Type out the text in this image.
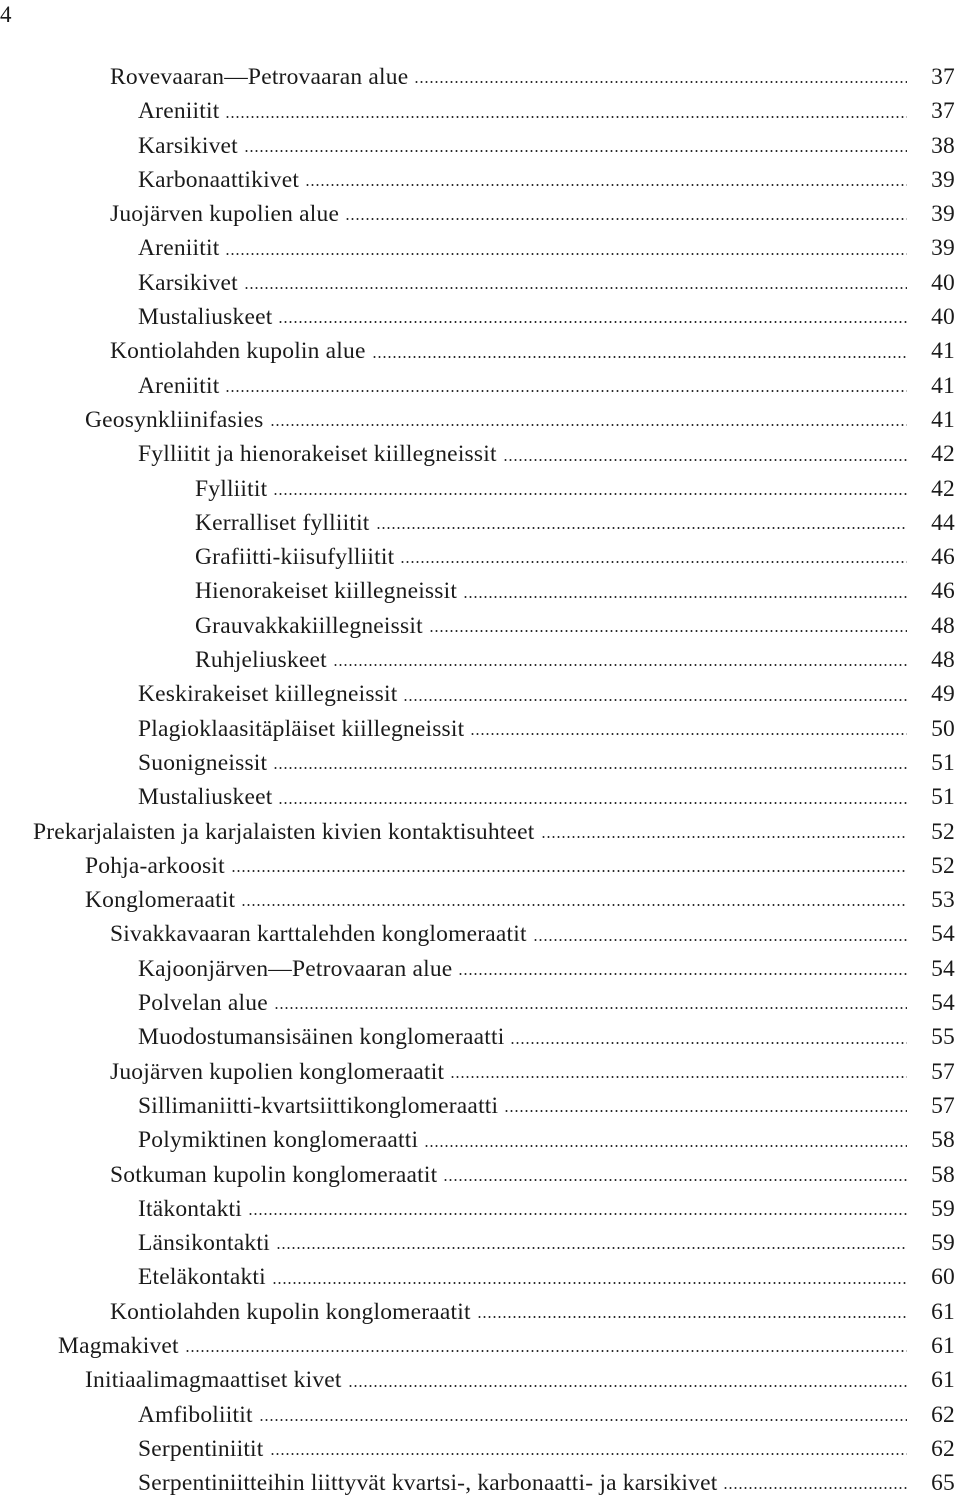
4
Rovevaaran—Petrovaaran alue	37
Areniitit	37
Karsikivet	38
Karbonaattikivet	39
Juojärven kupolien alue	39
Areniitit	39
Karsikivet	40
Mustaliuskeet	40
Kontiolahden kupolin alue	41
Areniitit	41
Geosynkliinifasies	41
Fylliitit ja hienorakeiset kiillegneissit	42
Fylliitit	42
Kerralliset fylliitit	44
Grafiitti-kiisufylliitit	46
Hienorakeiset kiillegneissit	46
Grauvakkakiillegneissit	48
Ruhjeliuskeet	48
Keskirakeiset kiillegneissit	49
Plagioklaasitäpläiset kiillegneissit	50
Suonigneissit	51
Mustaliuskeet	51
Prekarjalaisten ja karjalaisten kivien kontaktisuhteet	52
Pohja-arkoosit	52
Konglomeraatit	53
Sivakkavaaran karttalehden konglomeraatit	54
Kajoonjärven—Petrovaaran alue	54
Polvelan alue	54
Muodostumansisäinen konglomeraatti	55
Juojärven kupolien konglomeraatit	57
Sillimaniitti-kvartsiittikonglomeraatti	57
Polymiktinen konglomeraatti	58
Sotkuman kupolin konglomeraatit	58
Itäkontakti	59
Länsikontakti	59
Eteläkontakti	60
Kontiolahden kupolin konglomeraatit	61
Magmakivet	61
Initiaalimagmaattiset kivet	61
Amfiboliitit	62
Serpentiniitit	62
Serpentiniitteihin liittyvät kvartsi-, karbonaatti- ja karsikivet	65
